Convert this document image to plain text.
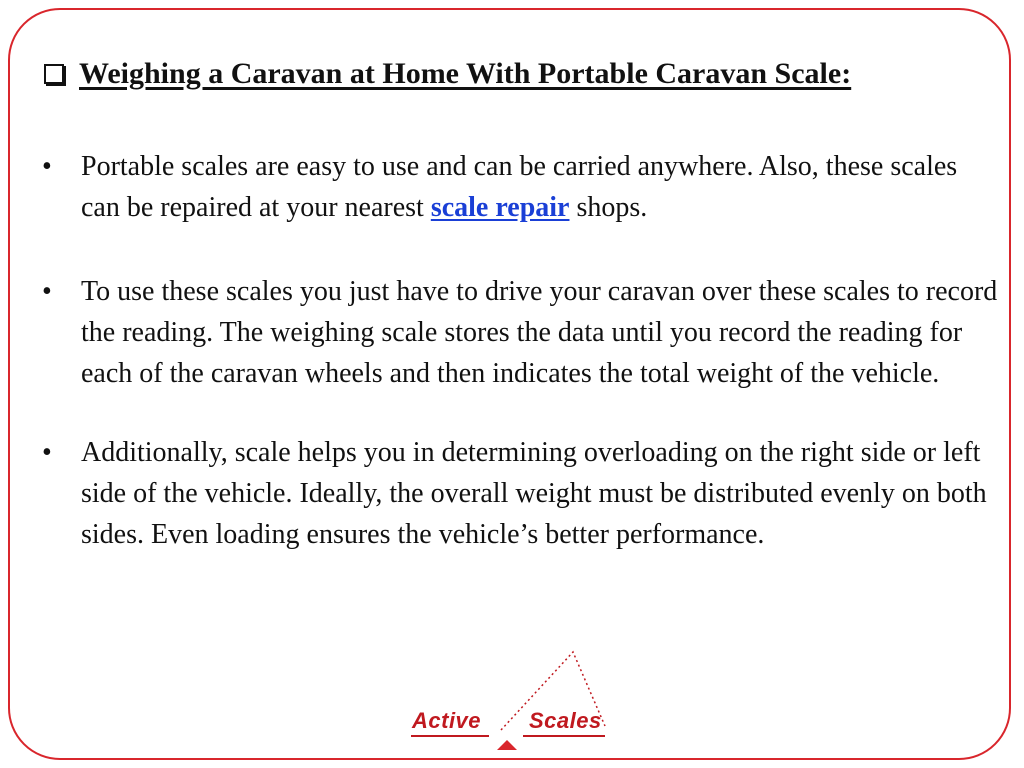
Weighing a Caravan at Home With Portable Caravan Scale:
•	Portable scales are easy to use and can be carried anywhere. Also, these scales can be repaired at your nearest scale repair shops.
•	To use these scales you just have to drive your caravan over these scales to record the reading. The weighing scale stores the data until you record the reading for each of the caravan wheels and then indicates the total weight of the vehicle.
•	Additionally, scale helps you in determining overloading on the right side or left side of the vehicle. Ideally, the overall weight must be distributed evenly on both sides. Even loading ensures the vehicle’s better performance.
Active Scales
